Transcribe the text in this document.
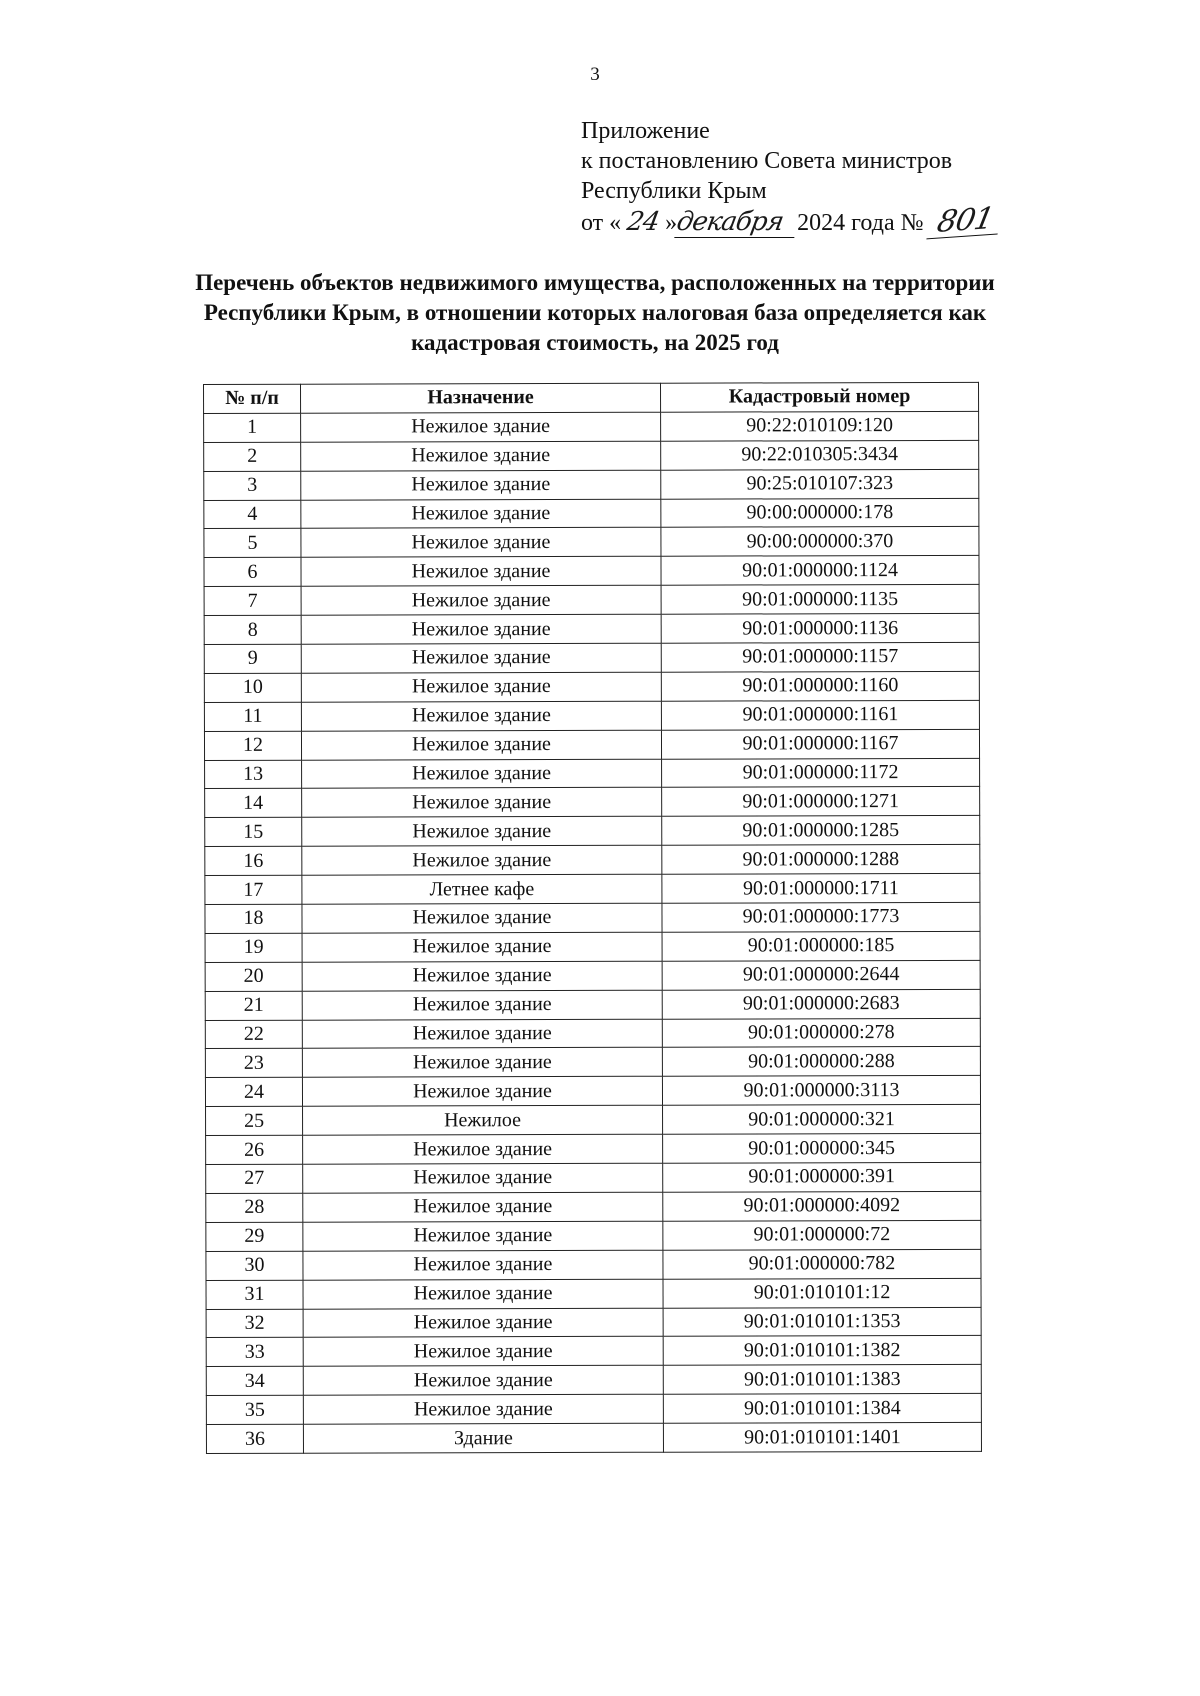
3
Приложение
к постановлению Совета министров
Республики Крым
от « 24 »декабря 2024 года № 801
Перечень объектов недвижимого имущества, расположенных на территории Республики Крым, в отношении которых налоговая база определяется как кадастровая стоимость, на 2025 год
№ п/п	Назначение	Кадастровый номер
1	Нежилое здание	90:22:010109:120
2	Нежилое здание	90:22:010305:3434
3	Нежилое здание	90:25:010107:323
4	Нежилое здание	90:00:000000:178
5	Нежилое здание	90:00:000000:370
6	Нежилое здание	90:01:000000:1124
7	Нежилое здание	90:01:000000:1135
8	Нежилое здание	90:01:000000:1136
9	Нежилое здание	90:01:000000:1157
10	Нежилое здание	90:01:000000:1160
11	Нежилое здание	90:01:000000:1161
12	Нежилое здание	90:01:000000:1167
13	Нежилое здание	90:01:000000:1172
14	Нежилое здание	90:01:000000:1271
15	Нежилое здание	90:01:000000:1285
16	Нежилое здание	90:01:000000:1288
17	Летнее кафе	90:01:000000:1711
18	Нежилое здание	90:01:000000:1773
19	Нежилое здание	90:01:000000:185
20	Нежилое здание	90:01:000000:2644
21	Нежилое здание	90:01:000000:2683
22	Нежилое здание	90:01:000000:278
23	Нежилое здание	90:01:000000:288
24	Нежилое здание	90:01:000000:3113
25	Нежилое	90:01:000000:321
26	Нежилое здание	90:01:000000:345
27	Нежилое здание	90:01:000000:391
28	Нежилое здание	90:01:000000:4092
29	Нежилое здание	90:01:000000:72
30	Нежилое здание	90:01:000000:782
31	Нежилое здание	90:01:010101:12
32	Нежилое здание	90:01:010101:1353
33	Нежилое здание	90:01:010101:1382
34	Нежилое здание	90:01:010101:1383
35	Нежилое здание	90:01:010101:1384
36	Здание	90:01:010101:1401
